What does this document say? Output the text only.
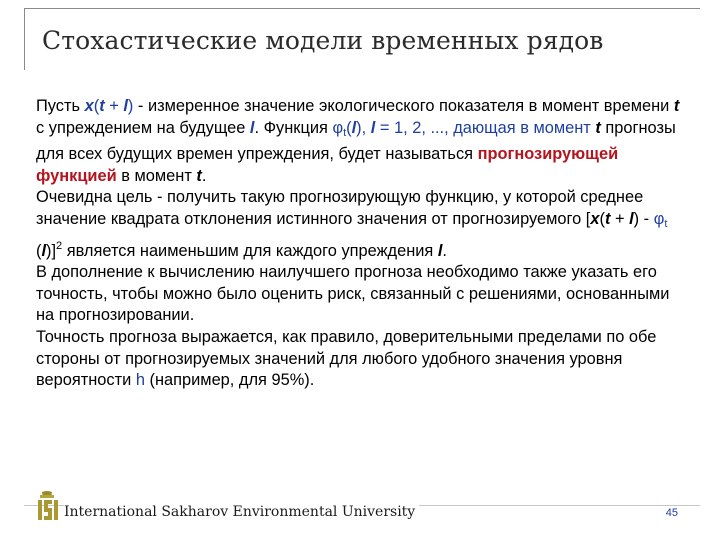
Стохастические модели временных рядов

Пусть x(t + l) - измеренное значение экологического показателя в момент времени t с упреждением на будущее l. Функция $\varphi_t(l)$, l = 1, 2, ..., дающая в момент t прогнозы для всех будущих времен упреждения, будет называться прогнозирующей функцией в момент t.

Очевидна цель - получить такую прогнозирующую функцию, у которой среднее значение квадрата отклонения истинного значения от прогнозируемого [$x(t + l) - \varphi_t$ (l)]$^2$ является наименьшим для каждого упреждения l.

В дополнение к вычислению наилучшего прогноза необходимо также указать его точность, чтобы можно было оценить риск, связанный с решениями, основанными на прогнозировании.

Точность прогноза выражается, как правило, доверительными пределами по обе стороны от прогнозируемых значений для любого удобного значения уровня вероятности h (например, для 95%).

International Sakharov Environmental University	45
